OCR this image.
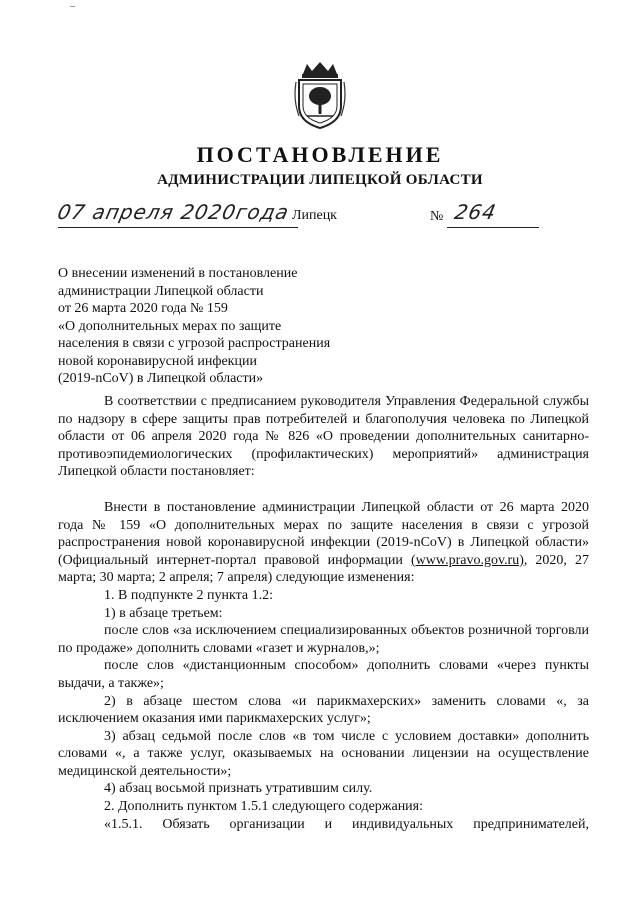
ПОСТАНОВЛЕНИЕ
АДМИНИСТРАЦИИ ЛИПЕЦКОЙ ОБЛАСТИ
07 апреля 2020года Липецк	№ 264
О внесении изменений в постановление
администрации Липецкой области
от 26 марта 2020 года № 159
«О дополнительных мерах по защите
населения в связи с угрозой распространения
новой коронавирусной инфекции
(2019-nCoV) в Липецкой области»

В соответствии с предписанием руководителя Управления Федеральной службы по надзору в сфере защиты прав потребителей и благополучия человека по Липецкой области от 06 апреля 2020 года № 826 «О проведении дополнительных санитарно-противоэпидемиологических (профилактических) мероприятий» администрация Липецкой области постановляет:

Внести в постановление администрации Липецкой области от 26 марта 2020 года № 159 «О дополнительных мерах по защите населения в связи с угрозой распространения новой коронавирусной инфекции (2019-nCoV) в Липецкой области» (Официальный интернет-портал правовой информации (www.pravo.gov.ru), 2020, 27 марта; 30 марта; 2 апреля; 7 апреля) следующие изменения:

1. В подпункте 2 пункта 1.2:

1) в абзаце третьем:

после слов «за исключением специализированных объектов розничной торговли по продаже» дополнить словами «газет и журналов,»;

после слов «дистанционным способом» дополнить словами «через пункты выдачи, а также»;

2) в абзаце шестом слова «и парикмахерских» заменить словами «, за исключением оказания ими парикмахерских услуг»;

3) абзац седьмой после слов «в том числе с условием доставки» дополнить словами «, а также услуг, оказываемых на основании лицензии на осуществление медицинской деятельности»;

4) абзац восьмой признать утратившим силу.

2. Дополнить пунктом 1.5.1 следующего содержания:

«1.5.1. Обязать организации и индивидуальных предпринимателей,
